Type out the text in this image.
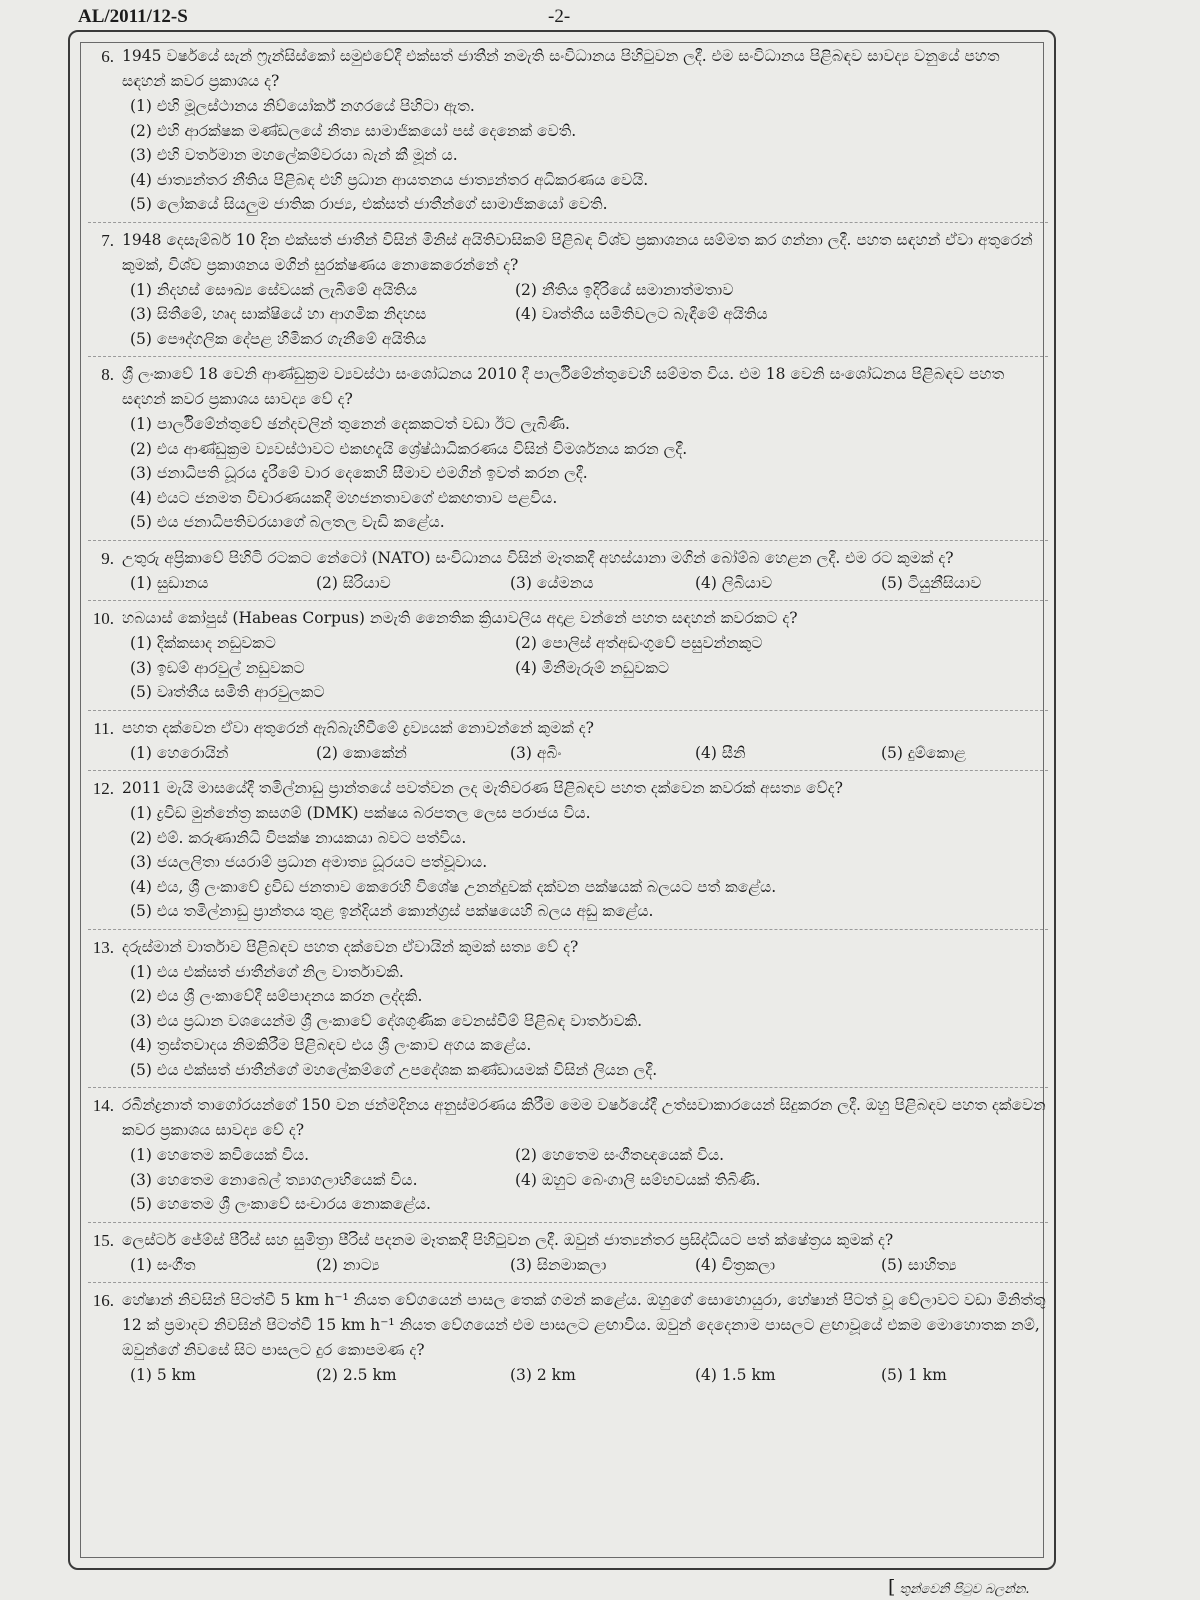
AL/2011/12-S	-2-
6. 1945 වර්ෂයේ සැන් ෆ්‍රැන්සිස්කෝ සමුළුවේදී එක්සත් ජාතීන් නමැති සංවිධානය පිහිටුවන ලදී. එම සංවිධානය පිළිබඳව සාවද්‍ය වනුයේ පහත සඳහන් කවර ප්‍රකාශය ද?

(1) එහි මූලස්ථානය නිව්යෝර්ක් නගරයේ පිහිටා ඇත.
(2) එහි ආරක්ෂක මණ්ඩලයේ නිත්‍ය සාමාජිකයෝ පස් දෙනෙක් වෙති.
(3) එහි වර්තමාන මහලේකම්වරයා බැන් කී මූන් ය.
(4) ජාත්‍යන්තර නීතිය පිළිබඳ එහි ප්‍රධාන ආයතනය ජාත්‍යන්තර අධිකරණය වෙයි.
(5) ලෝකයේ සියලුම ජාතික රාජ්‍ය, එක්සත් ජාතීන්ගේ සාමාජිකයෝ වෙති.
7. 1948 දෙසැම්බර් 10 දින එක්සත් ජාතීන් විසින් මිනිස් අයිතිවාසිකම් පිළිබඳ විශ්ව ප්‍රකාශනය සම්මත කර ගන්නා ලදී. පහත සඳහන් ඒවා අතුරෙන් කුමක්, විශ්ව ප්‍රකාශනය මගින් සුරක්ෂණය නොකෙරෙන්නේ ද?

(1) නිදහස් සෞඛ්‍ය සේවයක් ලැබීමේ අයිතිය	(2) නීතිය ඉදිරියේ සමානාත්මතාව
(3) සිතීමේ, හෘද සාක්ෂියේ හා ආගමික නිදහස	(4) වෘත්තීය සමිතිවලට බැඳීමේ අයිතිය
(5) පෞද්ගලික දේපළ හිමිකර ගැනීමේ අයිතිය
8. ශ්‍රී ලංකාවේ 18 වෙනි ආණ්ඩුක්‍රම ව්‍යවස්ථා සංශෝධනය 2010 දී පාර්ලිමේන්තුවෙහි සම්මත විය. එම 18 වෙනි සංශෝධනය පිළිබඳව පහත සඳහන් කවර ප්‍රකාශය සාවද්‍ය වේ ද?

(1) පාර්ලිමේන්තුවේ ඡන්දවලින් තුනෙන් දෙකකටත් වඩා ඊට ලැබිණි.
(2) එය ආණ්ඩුක්‍රම ව්‍යවස්ථාවට එකඟදැයි ශ්‍රේෂ්ඨාධිකරණය විසින් විමර්ශනය කරන ලදී.
(3) ජනාධිපති ධූරය දැරීමේ වාර දෙකෙහි සීමාව එමගින් ඉවත් කරන ලදී.
(4) එයට ජනමත විචාරණයකදී මහජනතාවගේ එකඟතාව පළවිය.
(5) එය ජනාධිපතිවරයාගේ බලතල වැඩි කළේය.
9. උතුරු අප්‍රිකාවේ පිහිටි රටකට නේටෝ (NATO) සංවිධානය විසින් මෑතකදී අහස්යානා මගින් බෝම්බ හෙළන ලදී. එම රට කුමක් ද?

(1) සුඩානය	(2) සිරියාව	(3) යේමනය	(4) ලිබියාව	(5) ටියුනීසියාව
10. හබයාස් කෝපුස් (Habeas Corpus) නමැති නෛතික ක්‍රියාවලිය අදාළ වන්නේ පහත සඳහන් කවරකට ද?

(1) දික්කසාද නඩුවකට	(2) පොලිස් අත්අඩංගුවේ පසුවන්නකුට
(3) ඉඩම් ආරවුල් නඩුවකට	(4) මිනීමැරුම් නඩුවකට
(5) වෘත්තීය සමිති ආරවුලකට
11. පහත දක්වෙන ඒවා අතුරෙන් ඇබ්බැහිවීමේ ද්‍රව්‍යයක් නොවන්නේ කුමක් ද?

(1) හෙරොයින්	(2) කොකේන්	(3) අබිං	(4) සීනි	(5) දුම්කොළ
12. 2011 මැයි මාසයේදී තමිල්නාඩු ප්‍රාන්තයේ පවත්වන ලද මැතිවරණ පිළිබඳව පහත දක්වෙන කවරක් අසත්‍ය වේද?

(1) ද්‍රවිඩ මුන්නේත්‍ර කසගම් (DMK) පක්ෂය බරපතල ලෙස පරාජය විය.
(2) එම්. කරුණානිධි විපක්ෂ නායකයා බවට පත්විය.
(3) ජයලලිතා ජයරාම් ප්‍රධාන අමාත්‍ය ධූරයට පත්වූවාය.
(4) එය, ශ්‍රී ලංකාවේ ද්‍රවිඩ ජනතාව කෙරෙහි විශේෂ උනන්දුවක් දක්වන පක්ෂයක් බලයට පත් කළේය.
(5) එය තමිල්නාඩු ප්‍රාන්තය තුළ ඉන්දියන් කොන්ග්‍රස් පක්ෂයෙහි බලය අඩු කළේය.
13. දරුස්මාන් වාර්තාව පිළිබඳව පහත දක්වෙන ඒවායින් කුමක් සත්‍ය වේ ද?

(1) එය එක්සත් ජාතීන්ගේ නිල වාර්තාවකි.
(2) එය ශ්‍රී ලංකාවේදී සම්පාදනය කරන ලද්දකි.
(3) එය ප්‍රධාන වශයෙන්ම ශ්‍රී ලංකාවේ දේශගුණික වෙනස්වීම් පිළිබඳ වාර්තාවකි.
(4) ත්‍රස්තවාදය නිමකිරීම පිළිබඳව එය ශ්‍රී ලංකාව අගය කළේය.
(5) එය එක්සත් ජාතීන්ගේ මහලේකම්ගේ උපදේශක කණ්ඩායමක් විසින් ලියන ලදී.
14. රබීන්ද්‍රනාත් තාගෝරයන්ගේ 150 වන ජන්මදිනය අනුස්මරණය කිරීම මෙම වර්ෂයේදී උත්සවාකාරයෙන් සිදුකරන ලදී. ඔහු පිළිබඳව පහත දක්වෙන කවර ප්‍රකාශය සාවද්‍ය වේ ද?

(1) හෙතෙම කවියෙක් විය.	(2) හෙතෙම සංගීතඥයෙක් විය.
(3) හෙතෙම නොබෙල් ත්‍යාගලාභියෙක් විය.	(4) ඔහුට බෙංගාලි සම්භවයක් තිබිණි.
(5) හෙතෙම ශ්‍රී ලංකාවේ සංචාරය නොකළේය.
15. ලෙස්ටර් ජේම්ස් පීරිස් සහ සුමිත්‍රා පීරිස් පදනම මෑතකදී පිහිටුවන ලදී. ඔවුන් ජාත්‍යන්තර ප්‍රසිද්ධියට පත් ක්ෂේත්‍රය කුමක් ද?

(1) සංගීත	(2) නාට්‍ය	(3) සිනමාකලා	(4) චිත්‍රකලා	(5) සාහිත්‍ය
16. හේෂාන් නිවසින් පිටත්වී 5 km h⁻¹ නියත වේගයෙන් පාසල තෙක් ගමන් කළේය. ඔහුගේ සොහොයුරා, හේෂාන් පිටත් වූ වේලාවට වඩා මිනිත්තු 12 ක් ප්‍රමාදව නිවසින් පිටත්වී 15 km h⁻¹ නියත වේගයෙන් එම පාසලට ළඟාවිය. ඔවුන් දෙදෙනාම පාසලට ළඟාවූයේ එකම මොහොතක නම්, ඔවුන්ගේ නිවසේ සිට පාසලට දුර කොපමණ ද?

(1) 5 km	(2) 2.5 km	(3) 2 km	(4) 1.5 km	(5) 1 km
[ තුන්වෙනි පිටුව බලන්න.
